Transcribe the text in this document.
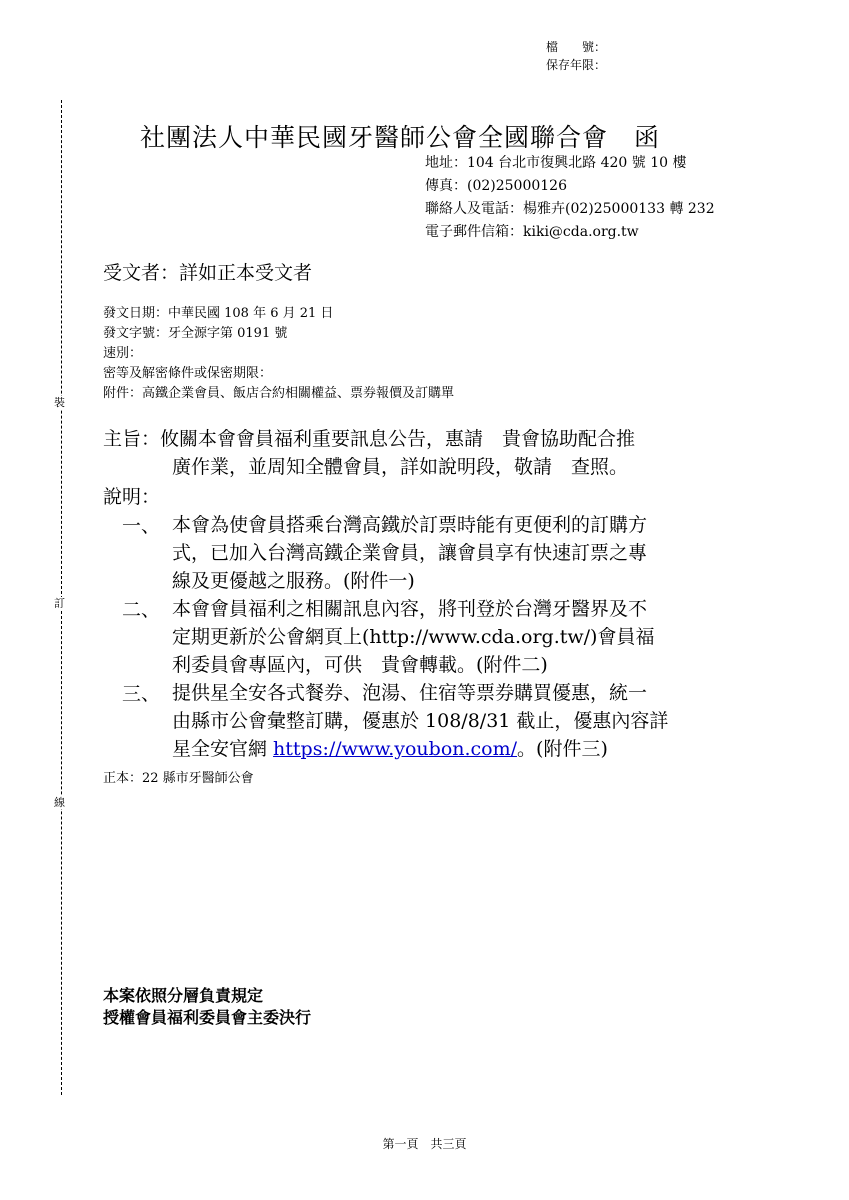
檔　　號：
保存年限：
裝
訂
線
社團法人中華民國牙醫師公會全國聯合會　函
地址：104 台北市復興北路 420 號 10 樓
傳真：(02)25000126
聯絡人及電話：楊雅卉(02)25000133 轉 232
電子郵件信箱：kiki@cda.org.tw
受文者：詳如正本受文者
發文日期：中華民國 108 年 6 月 21 日
發文字號：牙全源字第 0191 號
速別：
密等及解密條件或保密期限：
附件：高鐵企業會員、飯店合約相關權益、票券報價及訂購單
主旨：攸關本會會員福利重要訊息公告，惠請　貴會協助配合推
廣作業，並周知全體會員，詳如說明段，敬請　查照。
說明：
一、 本會為使會員搭乘台灣高鐵於訂票時能有更便利的訂購方
式，已加入台灣高鐵企業會員，讓會員享有快速訂票之專
線及更優越之服務。(附件一)
二、 本會會員福利之相關訊息內容，將刊登於台灣牙醫界及不
定期更新於公會網頁上(http://www.cda.org.tw/)會員福
利委員會專區內，可供　貴會轉載。(附件二)
三、 提供星全安各式餐券、泡湯、住宿等票券購買優惠，統一
由縣市公會彙整訂購，優惠於 108/8/31 截止，優惠內容詳
星全安官網 https://www.youbon.com/。(附件三)
正本：22 縣市牙醫師公會
本案依照分層負責規定
授權會員福利委員會主委決行
第一頁　共三頁
